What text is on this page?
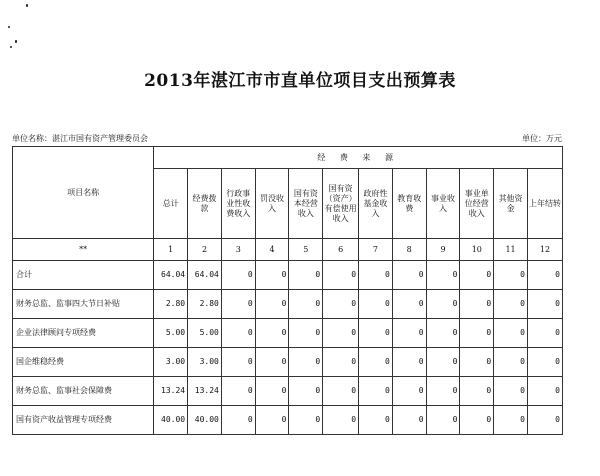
2013年湛江市市直单位项目支出预算表
单位名称：湛江市国有资产管理委员会	单位：万元
项目名称	经 费 来 源											
	总计	经费拨款	行政事业性收费收入	罚没收入	国有资本经营收入	国有资（资产）有偿使用收入	政府性基金收入	教育收费	事业收入	事业单位经营收入	其他资金	上年结转
**	1	2	3	4	5	6	7	8	9	10	11	12
合计	64.04	64.04	0	0	0	0	0	0	0	0	0	0
财务总监、监事四大节日补贴	2.80	2.80	0	0	0	0	0	0	0	0	0	0
企业法律顾问专项经费	5.00	5.00	0	0	0	0	0	0	0	0	0	0
国企维稳经费	3.00	3.00	0	0	0	0	0	0	0	0	0	0
财务总监、监事社会保障费	13.24	13.24	0	0	0	0	0	0	0	0	0	0
国有资产收益管理专项经费	40.00	40.00	0	0	0	0	0	0	0	0	0	0
